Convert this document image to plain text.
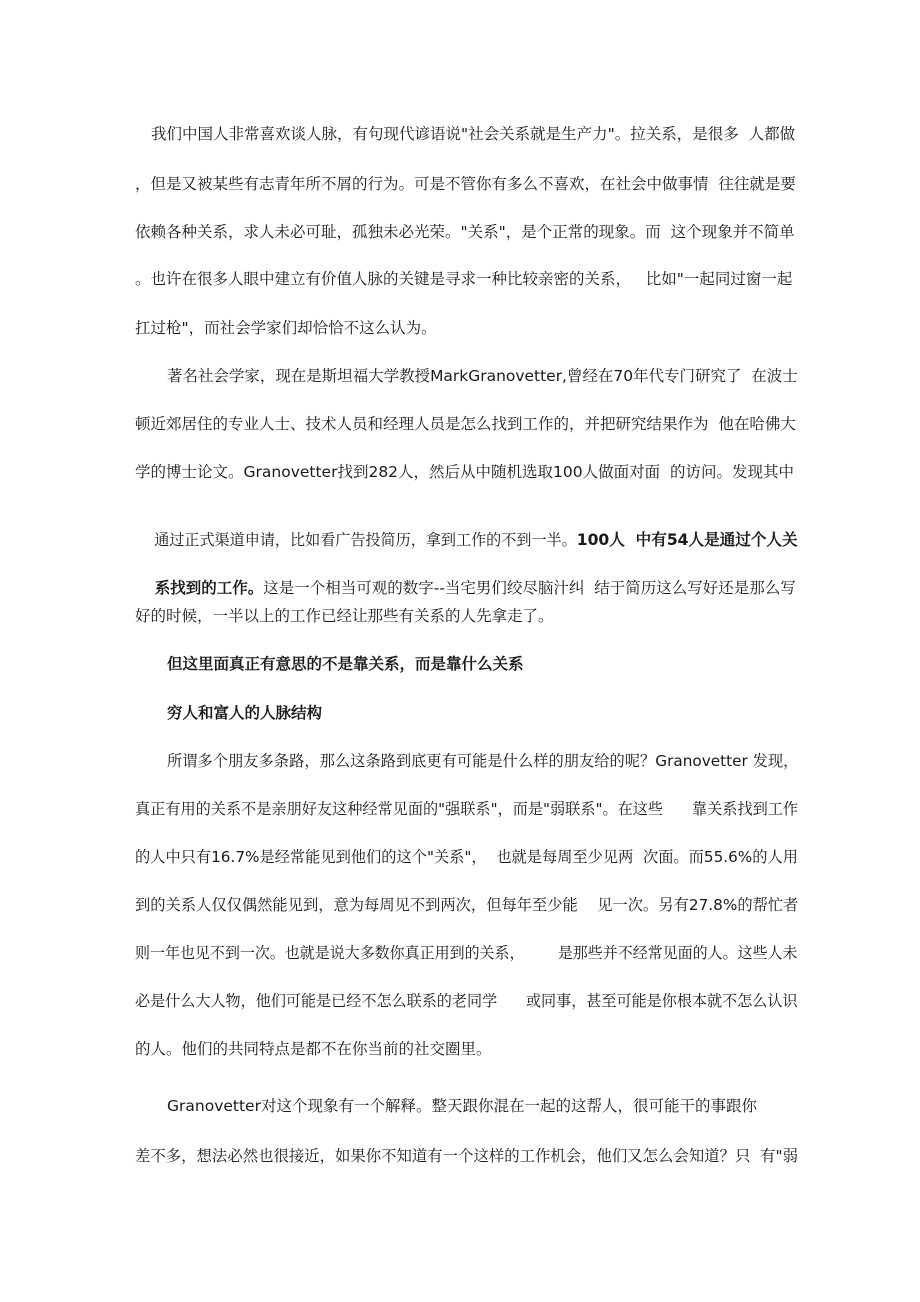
我们中国人非常喜欢谈人脉，有句现代谚语说"社会关系就是生产力"。拉关系，是很多  人都做
，但是又被某些有志青年所不屑的行为。可是不管你有多么不喜欢，在社会中做事情  往往就是要
依赖各种关系，求人未必可耻，孤独未必光荣。"关系"，是个正常的现象。而  这个现象并不简单
。也许在很多人眼中建立有价值人脉的关键是寻求一种比较亲密的关系，   比如"一起同过窗一起
扛过枪"，而社会学家们却恰恰不这么认为。
著名社会学家，现在是斯坦福大学教授MarkGranovetter,曾经在70年代专门研究了  在波士
顿近郊居住的专业人士、技术人员和经理人员是怎么找到工作的，并把研究结果作为  他在哈佛大
学的博士论文。Granovetter找到282人，然后从中随机选取100人做面对面  的访问。发现其中

通过正式渠道申请，比如看广告投简历，拿到工作的不到一半。100人  中有54人是通过个人关

系找到的工作。这是一个相当可观的数字--当宅男们绞尽脑汁纠  结于简历这么写好还是那么写

好的时候，一半以上的工作已经让那些有关系的人先拿走了。
但这里面真正有意思的不是靠关系，而是靠什么关系
穷人和富人的人脉结构
所谓多个朋友多条路，那么这条路到底更有可能是什么样的朋友给的呢？Granovetter 发现，
真正有用的关系不是亲朋好友这种经常见面的"强联系"，而是"弱联系"。在这些      靠关系找到工作
的人中只有16.7%是经常能见到他们的这个"关系"，  也就是每周至少见两  次面。而55.6%的人用
到的关系人仅仅偶然能见到，意为每周见不到两次，但每年至少能    见一次。另有27.8%的帮忙者
则一年也见不到一次。也就是说大多数你真正用到的关系，       是那些并不经常见面的人。这些人未
必是什么大人物，他们可能是已经不怎么联系的老同学      或同事，甚至可能是你根本就不怎么认识
的人。他们的共同特点是都不在你当前的社交圈里。
Granovetter对这个现象有一个解释。整天跟你混在一起的这帮人，很可能干的事跟你
差不多，想法必然也很接近，如果你不知道有一个这样的工作机会，他们又怎么会知道？只  有"弱
